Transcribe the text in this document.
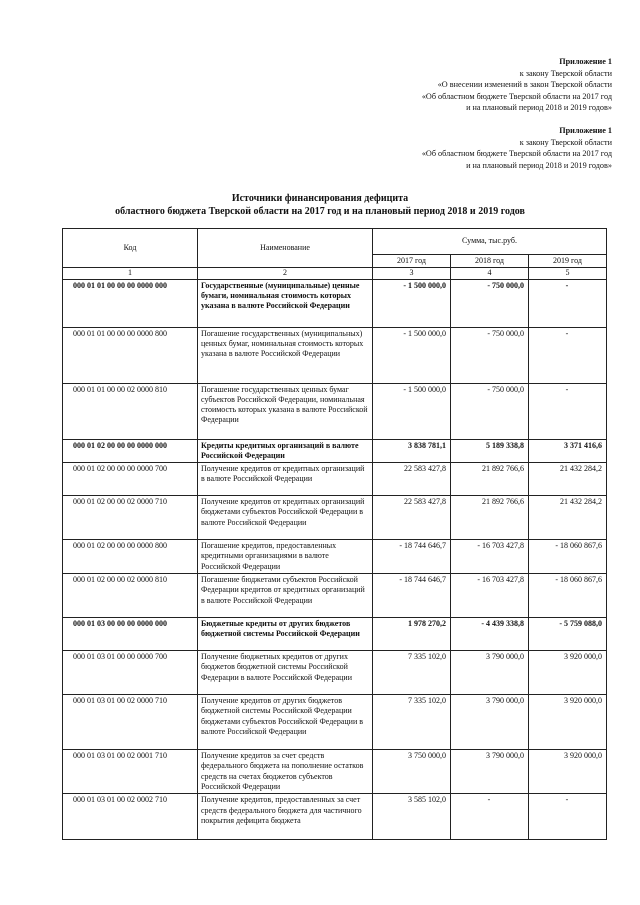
Приложение 1
к закону Тверской области
«О внесении изменений в закон Тверской области
«Об областном бюджете Тверской области на 2017 год
и на плановый период 2018 и 2019 годов»
Приложение 1
к закону Тверской области
«Об областном бюджете Тверской области на 2017 год
и на плановый период 2018 и 2019 годов»
Источники финансирования дефицита
областного бюджета Тверской области на 2017 год и на плановый период 2018 и 2019 годов
Код	Наименование	Сумма, тыс.руб.		
		2017 год	2018 год	2019 год
1	2	3	4	5
000 01 01 00 00 00 0000 000	Государственные (муниципальные) ценные бумаги, номинальная стоимость которых указана в валюте Российской Федерации	- 1 500 000,0	- 750 000,0	-
000 01 01 00 00 00 0000 800	Погашение государственных (муниципальных) ценных бумаг, номинальная стоимость которых указана в валюте Российской Федерации	- 1 500 000,0	- 750 000,0	-
000 01 01 00 00 02 0000 810	Погашение государственных ценных бумаг субъектов Российской Федерации, номинальная стоимость которых указана в валюте Российской Федерации	- 1 500 000,0	- 750 000,0	-
000 01 02 00 00 00 0000 000	Кредиты кредитных организаций в валюте Российской Федерации	3 838 781,1	5 189 338,8	3 371 416,6
000 01 02 00 00 00 0000 700	Получение кредитов от кредитных организаций в валюте Российской Федерации	22 583 427,8	21 892 766,6	21 432 284,2
000 01 02 00 00 02 0000 710	Получение кредитов от кредитных организаций бюджетами субъектов Российской Федерации в валюте Российской Федерации	22 583 427,8	21 892 766,6	21 432 284,2
000 01 02 00 00 00 0000 800	Погашение кредитов, предоставленных кредитными организациями в валюте Российской Федерации	- 18 744 646,7	- 16 703 427,8	- 18 060 867,6
000 01 02 00 00 02 0000 810	Погашение бюджетами субъектов Российской Федерации кредитов от кредитных организаций в валюте Российской Федерации	- 18 744 646,7	- 16 703 427,8	- 18 060 867,6
000 01 03 00 00 00 0000 000	Бюджетные кредиты от других бюджетов бюджетной системы Российской Федерации	1 978 270,2	- 4 439 338,8	- 5 759 088,0
000 01 03 01 00 00 0000 700	Получение бюджетных кредитов от других бюджетов бюджетной системы Российской Федерации в валюте Российской Федерации	7 335 102,0	3 790 000,0	3 920 000,0
000 01 03 01 00 02 0000 710	Получение кредитов от других бюджетов бюджетной системы Российской Федерации бюджетами субъектов Российской Федерации в валюте Российской Федерации	7 335 102,0	3 790 000,0	3 920 000,0
000 01 03 01 00 02 0001 710	Получение кредитов за счет средств федерального бюджета на пополнение остатков средств на счетах бюджетов субъектов Российской Федерации	3 750 000,0	3 790 000,0	3 920 000,0
000 01 03 01 00 02 0002 710	Получение кредитов, предоставленных за счет средств федерального бюджета для частичного покрытия дефицита бюджета	3 585 102,0	-	-
